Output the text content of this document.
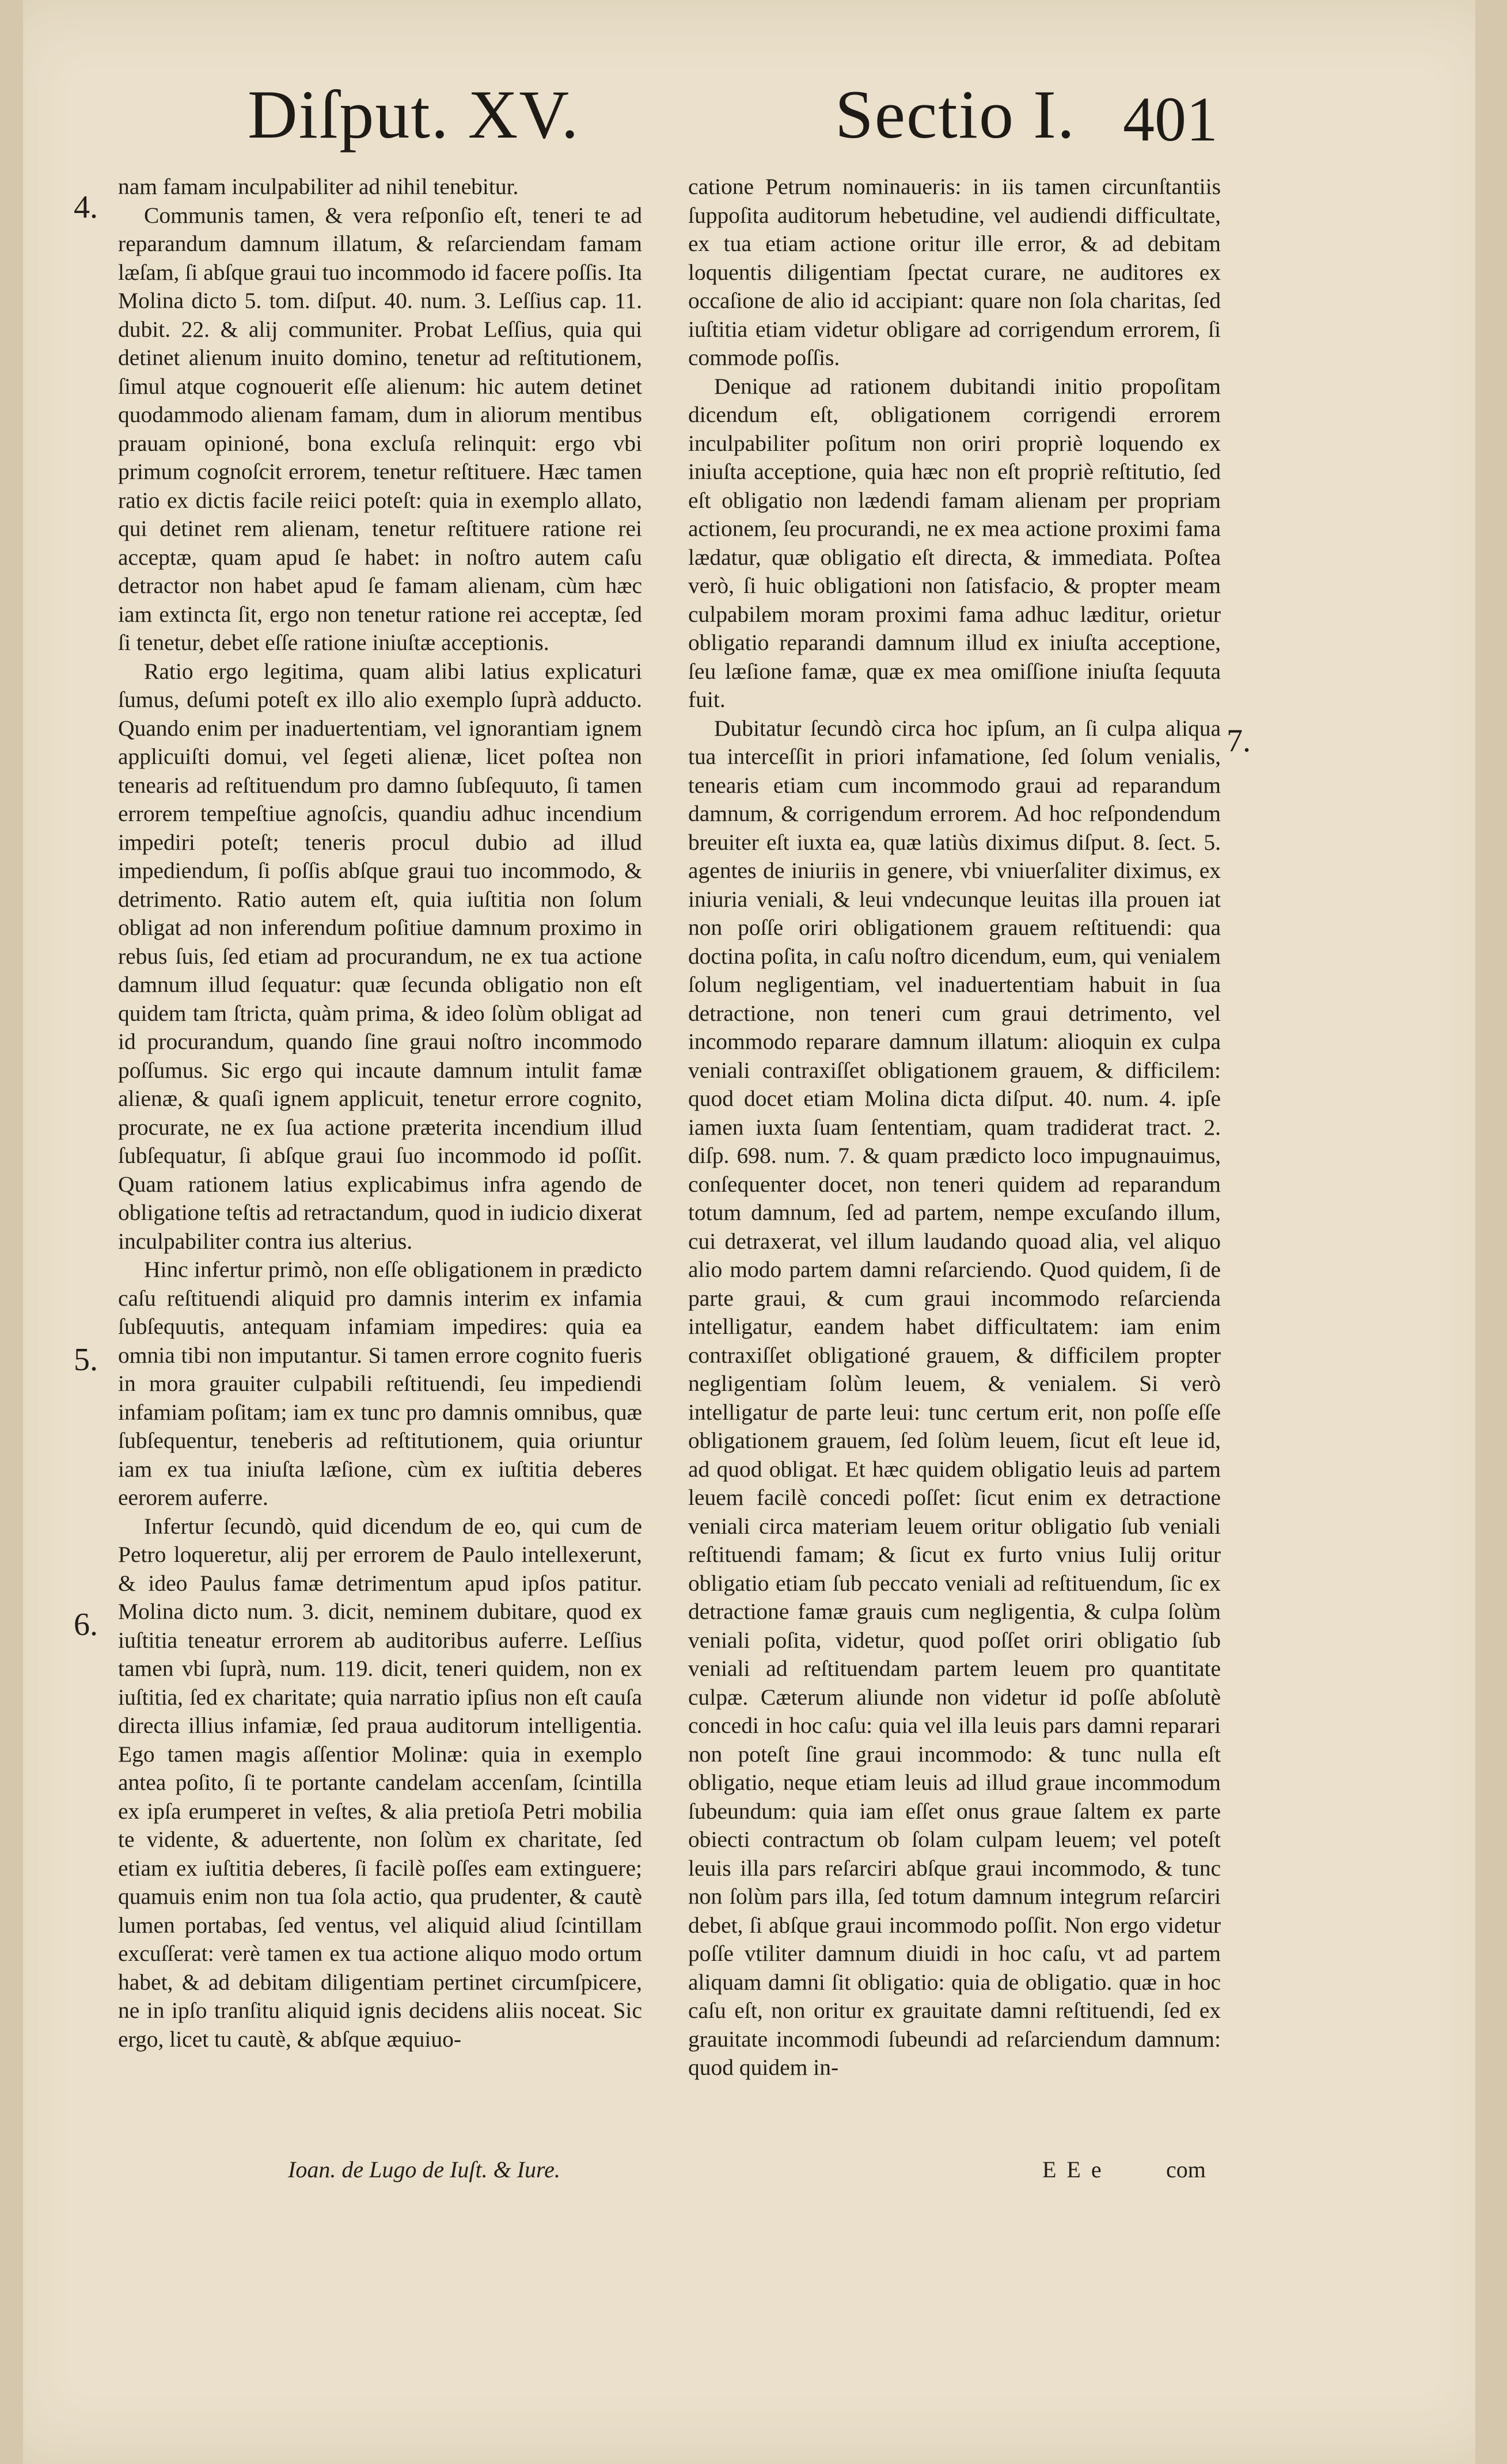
Diſput. XV.	Sectio I. 401
4.
5.
6.
7.

nam famam inculpabiliter ad nihil tenebitur.

Communis tamen, & vera reſponſio eſt, teneri te ad reparandum damnum illatum, & reſarciendam famam læſam, ſi abſque graui tuo incommodo id facere poſſis. Ita Molina dicto 5. tom. diſput. 40. num. 3. Leſſius cap. 11. dubit. 22. & alij communiter. Probat Leſſius, quia qui detinet alienum inuito domino, tenetur ad reſtitutionem, ſimul atque cognouerit eſſe alienum: hic autem detinet quodammodo alienam famam, dum in aliorum mentibus prauam opinioné, bona excluſa relinquit: ergo vbi primum cognoſcit errorem, tenetur reſtituere. Hæc tamen ratio ex dictis facile reiici poteſt: quia in exemplo allato, qui detinet rem alienam, tenetur reſtituere ratione rei acceptæ, quam apud ſe habet: in noſtro autem caſu detractor non habet apud ſe famam alienam, cùm hæc iam extincta ſit, ergo non tenetur ratione rei acceptæ, ſed ſi tenetur, debet eſſe ratione iniuſtæ acceptionis.

Ratio ergo legitima, quam alibi latius explicaturi ſumus, deſumi poteſt ex illo alio exemplo ſuprà adducto. Quando enim per inaduertentiam, vel ignorantiam ignem applicuiſti domui, vel ſegeti alienæ, licet poſtea non tenearis ad reſtituendum pro damno ſubſequuto, ſi tamen errorem tempeſtiue agnoſcis, quandiu adhuc incendium impediri poteſt; teneris procul dubio ad illud impediendum, ſi poſſis abſque graui tuo incommodo, & detrimento. Ratio autem eſt, quia iuſtitia non ſolum obligat ad non inferendum poſitiue damnum proximo in rebus ſuis, ſed etiam ad procurandum, ne ex tua actione damnum illud ſequatur: quæ ſecunda obligatio non eſt quidem tam ſtricta, quàm prima, & ideo ſolùm obligat ad id procurandum, quando ſine graui noſtro incommodo poſſumus. Sic ergo qui incaute damnum intulit famæ alienæ, & quaſi ignem applicuit, tenetur errore cognito, procurate, ne ex ſua actione præterita incendium illud ſubſequatur, ſi abſque graui ſuo incommodo id poſſit. Quam rationem latius explicabimus infra agendo de obligatione teſtis ad retractandum, quod in iudicio dixerat inculpabiliter contra ius alterius.

Hinc infertur primò, non eſſe obligationem in prædicto caſu reſtituendi aliquid pro damnis interim ex infamia ſubſequutis, antequam infamiam impedires: quia ea omnia tibi non imputantur. Si tamen errore cognito fueris in mora grauiter culpabili reſtituendi, ſeu impediendi infamiam poſitam; iam ex tunc pro damnis omnibus, quæ ſubſequentur, teneberis ad reſtitutionem, quia oriuntur iam ex tua iniuſta læſione, cùm ex iuſtitia deberes eerorem auferre.

Infertur ſecundò, quid dicendum de eo, qui cum de Petro loqueretur, alij per errorem de Paulo intellexerunt, & ideo Paulus famæ detrimentum apud ipſos patitur. Molina dicto num. 3. dicit, neminem dubitare, quod ex iuſtitia teneatur errorem ab auditoribus auferre. Leſſius tamen vbi ſuprà, num. 119. dicit, teneri quidem, non ex iuſtitia, ſed ex charitate; quia narratio ipſius non eſt cauſa directa illius infamiæ, ſed praua auditorum intelligentia. Ego tamen magis aſſentior Molinæ: quia in exemplo antea poſito, ſi te portante candelam accenſam, ſcintilla ex ipſa erumperet in veſtes, & alia pretioſa Petri mobilia te vidente, & aduertente, non ſolùm ex charitate, ſed etiam ex iuſtitia deberes, ſi facilè poſſes eam extinguere; quamuis enim non tua ſola actio, qua prudenter, & cautè lumen portabas, ſed ventus, vel aliquid aliud ſcintillam excuſſerat: verè tamen ex tua actione aliquo modo ortum habet, & ad debitam diligentiam pertinet circumſpicere, ne in ipſo tranſitu aliquid ignis decidens aliis noceat. Sic ergo, licet tu cautè, & abſque æquiuo-

catione Petrum nominaueris: in iis tamen circunſtantiis ſuppoſita auditorum hebetudine, vel audiendi difficultate, ex tua etiam actione oritur ille error, & ad debitam loquentis diligentiam ſpectat curare, ne auditores ex occaſione de alio id accipiant: quare non ſola charitas, ſed iuſtitia etiam videtur obligare ad corrigendum errorem, ſi commode poſſis.

Denique ad rationem dubitandi initio propoſitam dicendum eſt, obligationem corrigendi errorem inculpabiliter poſitum non oriri propriè loquendo ex iniuſta acceptione, quia hæc non eſt propriè reſtitutio, ſed eſt obligatio non lædendi famam alienam per propriam actionem, ſeu procurandi, ne ex mea actione proximi fama lædatur, quæ obligatio eſt directa, & immediata. Poſtea verò, ſi huic obligationi non ſatisfacio, & propter meam culpabilem moram proximi fama adhuc læditur, orietur obligatio reparandi damnum illud ex iniuſta acceptione, ſeu læſione famæ, quæ ex mea omiſſione iniuſta ſequuta fuit.

Dubitatur ſecundò circa hoc ipſum, an ſi culpa aliqua tua interceſſit in priori infamatione, ſed ſolum venialis, tenearis etiam cum incommodo graui ad reparandum damnum, & corrigendum errorem. Ad hoc reſpondendum breuiter eſt iuxta ea, quæ latiùs diximus diſput. 8. ſect. 5. agentes de iniuriis in genere, vbi vniuerſaliter diximus, ex iniuria veniali, & leui vndecunque leuitas illa prouen iat non poſſe oriri obligationem grauem reſtituendi: qua doctina poſita, in caſu noſtro dicendum, eum, qui venialem ſolum negligentiam, vel inaduertentiam habuit in ſua detractione, non teneri cum graui detrimento, vel incommodo reparare damnum illatum: alioquin ex culpa veniali contraxiſſet obligationem grauem, & difficilem: quod docet etiam Molina dicta diſput. 40. num. 4. ipſe iamen iuxta ſuam ſententiam, quam tradiderat tract. 2. diſp. 698. num. 7. & quam prædicto loco impugnauimus, conſequenter docet, non teneri quidem ad reparandum totum damnum, ſed ad partem, nempe excuſando illum, cui detraxerat, vel illum laudando quoad alia, vel aliquo alio modo partem damni reſarciendo. Quod quidem, ſi de parte graui, & cum graui incommodo reſarcienda intelligatur, eandem habet difficultatem: iam enim contraxiſſet obligationé grauem, & difficilem propter negligentiam ſolùm leuem, & venialem. Si verò intelligatur de parte leui: tunc certum erit, non poſſe eſſe obligationem grauem, ſed ſolùm leuem, ſicut eſt leue id, ad quod obligat. Et hæc quidem obligatio leuis ad partem leuem facilè concedi poſſet: ſicut enim ex detractione veniali circa materiam leuem oritur obligatio ſub veniali reſtituendi famam; & ſicut ex furto vnius Iulij oritur obligatio etiam ſub peccato veniali ad reſtituendum, ſic ex detractione famæ grauis cum negligentia, & culpa ſolùm veniali poſita, videtur, quod poſſet oriri obligatio ſub veniali ad reſtituendam partem leuem pro quantitate culpæ. Cæterum aliunde non videtur id poſſe abſolutè concedi in hoc caſu: quia vel illa leuis pars damni reparari non poteſt ſine graui incommodo: & tunc nulla eſt obligatio, neque etiam leuis ad illud graue incommodum ſubeundum: quia iam eſſet onus graue ſaltem ex parte obiecti contractum ob ſolam culpam leuem; vel poteſt leuis illa pars reſarciri abſque graui incommodo, & tunc non ſolùm pars illa, ſed totum damnum integrum reſarciri debet, ſi abſque graui incommodo poſſit. Non ergo videtur poſſe vtiliter damnum diuidi in hoc caſu, vt ad partem aliquam damni ſit obligatio: quia de obligatio. quæ in hoc caſu eſt, non oritur ex grauitate damni reſtituendi, ſed ex grauitate incommodi ſubeundi ad reſarciendum damnum: quod quidem in-

Ioan. de Lugo de Iuſt. & Iure.	E E e	com
